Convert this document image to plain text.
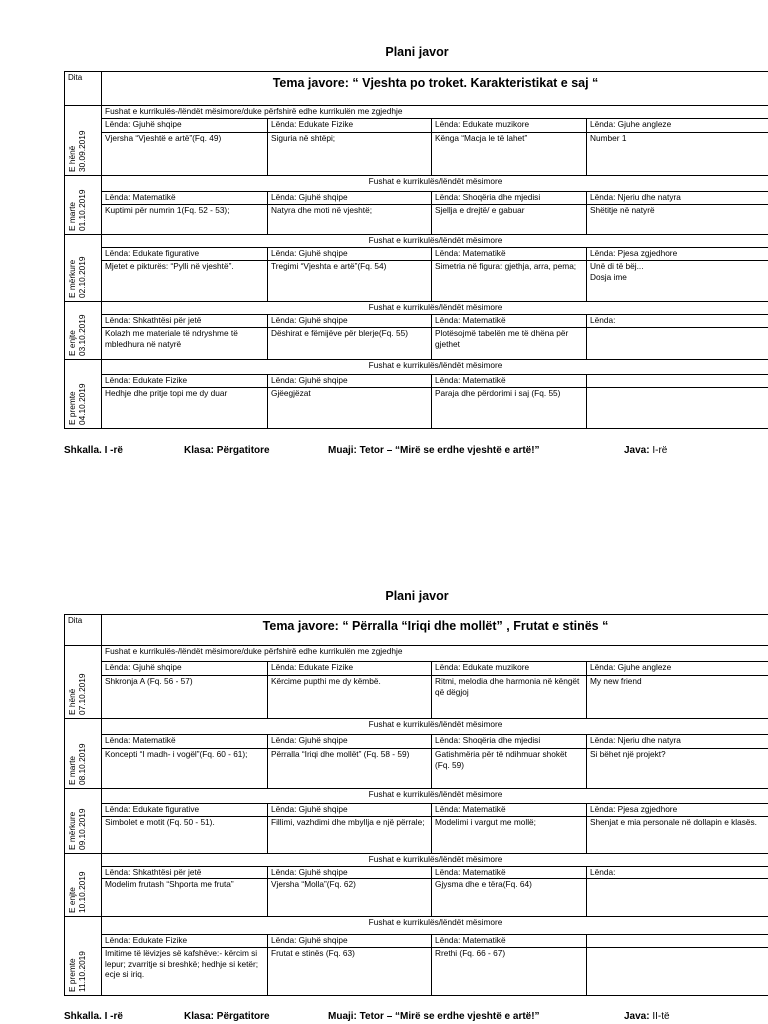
Plani javor
Dita	Tema javore: “ Vjeshta po troket. Karakteristikat e saj “			

E hënë
30.09.2019	Fushat e kurrikulës-/lëndët mësimore/duke përfshirë edhe kurrikulën me zgjedhje			
	Lënda: Gjuhë shqipe	Lënda: Edukate Fizike	Lënda: Edukate muzikore	Lënda: Gjuhe angleze
	Vjersha “Vjeshtë e artë”(Fq. 49)	Siguria në shtëpi;	Kënga “Macja le të lahet”	Number 1

E marte
01.10.2019	Fushat e kurrikulës/lëndët mësimore			
	Lënda: Matematikë	Lënda: Gjuhë shqipe	Lënda: Shoqëria dhe mjedisi	Lënda: Njeriu dhe natyra
	Kuptimi për numrin 1(Fq. 52 - 53);	Natyra dhe moti në vjeshtë;	Sjellja e drejtë/ e gabuar	Shëtitje në natyrë

E mërkure
02.10.2019	Fushat e kurrikulës/lëndët mësimore			
	Lënda: Edukate figurative	Lënda: Gjuhë shqipe	Lënda: Matematikë	Lënda: Pjesa zgjedhore
	Mjetet e pikturës: “Pylli në vjeshtë”.	Tregimi “Vjeshta e artë”(Fq. 54)	Simetria në figura: gjethja, arra, pema;	Unë di të bëj...
Dosja ime

E enjte
03.10.2019	Fushat e kurrikulës/lëndët mësimore			
	Lënda: Shkathtësi për jetë	Lënda: Gjuhë shqipe	Lënda: Matematikë	Lënda:
	Kolazh me materiale të ndryshme të mbledhura në natyrë	Dëshirat e fëmijëve për blerje(Fq. 55)	Plotësojmë tabelën me të dhëna për gjethet	

E premte
04.10.2019	Fushat e kurrikulës/lëndët mësimore			
	Lënda: Edukate Fizike	Lënda: Gjuhë shqipe	Lënda: Matematikë	
	Hedhje dhe pritje topi me dy duar	Gjëegjëzat	Paraja dhe përdorimi i saj (Fq. 55)	
Shkalla. I -rë	Klasa: Përgatitore	Muaji: Tetor – “Mirë se erdhe vjeshtë e artë!”	Java: I-rë
Plani javor
Dita	Tema javore: “ Përralla “Iriqi dhe mollët” , Frutat e stinës “			

E hënë
07.10.2019	Fushat e kurrikulës-/lëndët mësimore/duke përfshirë edhe kurrikulën me zgjedhje			
	Lënda: Gjuhë shqipe	Lënda: Edukate Fizike	Lënda: Edukate muzikore	Lënda: Gjuhe angleze
	Shkronja A (Fq. 56 - 57)	Kërcime pupthi me dy këmbë.	Ritmi, melodia dhe harmonia në këngët që dëgjoj	My new friend

E marte
08.10.2019	Fushat e kurrikulës/lëndët mësimore			
	Lënda: Matematikë	Lënda: Gjuhë shqipe	Lënda: Shoqëria dhe mjedisi	Lënda: Njeriu dhe natyra
	Koncepti “I madh- i vogël”(Fq. 60 - 61);	Përralla “Iriqi dhe mollët” (Fq. 58 - 59)	Gatishmëria për të ndihmuar shokët (Fq. 59)	Si bëhet një projekt?

E mërkure
09.10.2019	Fushat e kurrikulës/lëndët mësimore			
	Lënda: Edukate figurative	Lënda: Gjuhë shqipe	Lënda: Matematikë	Lënda: Pjesa zgjedhore
	Simbolet e motit (Fq. 50 - 51).	Fillimi, vazhdimi dhe mbyllja e një përrale;	Modelimi i vargut me mollë;	Shenjat e mia personale në dollapin e klasës.

E enjte
10.10.2019	Fushat e kurrikulës/lëndët mësimore			
	Lënda: Shkathtësi për jetë	Lënda: Gjuhë shqipe	Lënda: Matematikë	Lënda:
	Modelim frutash “Shporta me fruta”	Vjersha “Molla”(Fq. 62)	Gjysma dhe e tëra(Fq. 64)	

E premte
11.10.2019	Fushat e kurrikulës/lëndët mësimore			
	Lënda: Edukate Fizike	Lënda: Gjuhë shqipe	Lënda: Matematikë	
	Imitime të lëvizjes së kafshëve:- kërcim si lepur; zvarritje si breshkë; hedhje si ketër; ecje si iriq.	Frutat e stinës (Fq. 63)	Rrethi (Fq. 66 - 67)	
Shkalla. I -rë	Klasa: Përgatitore	Muaji: Tetor – “Mirë se erdhe vjeshtë e artë!”	Java: II-të
